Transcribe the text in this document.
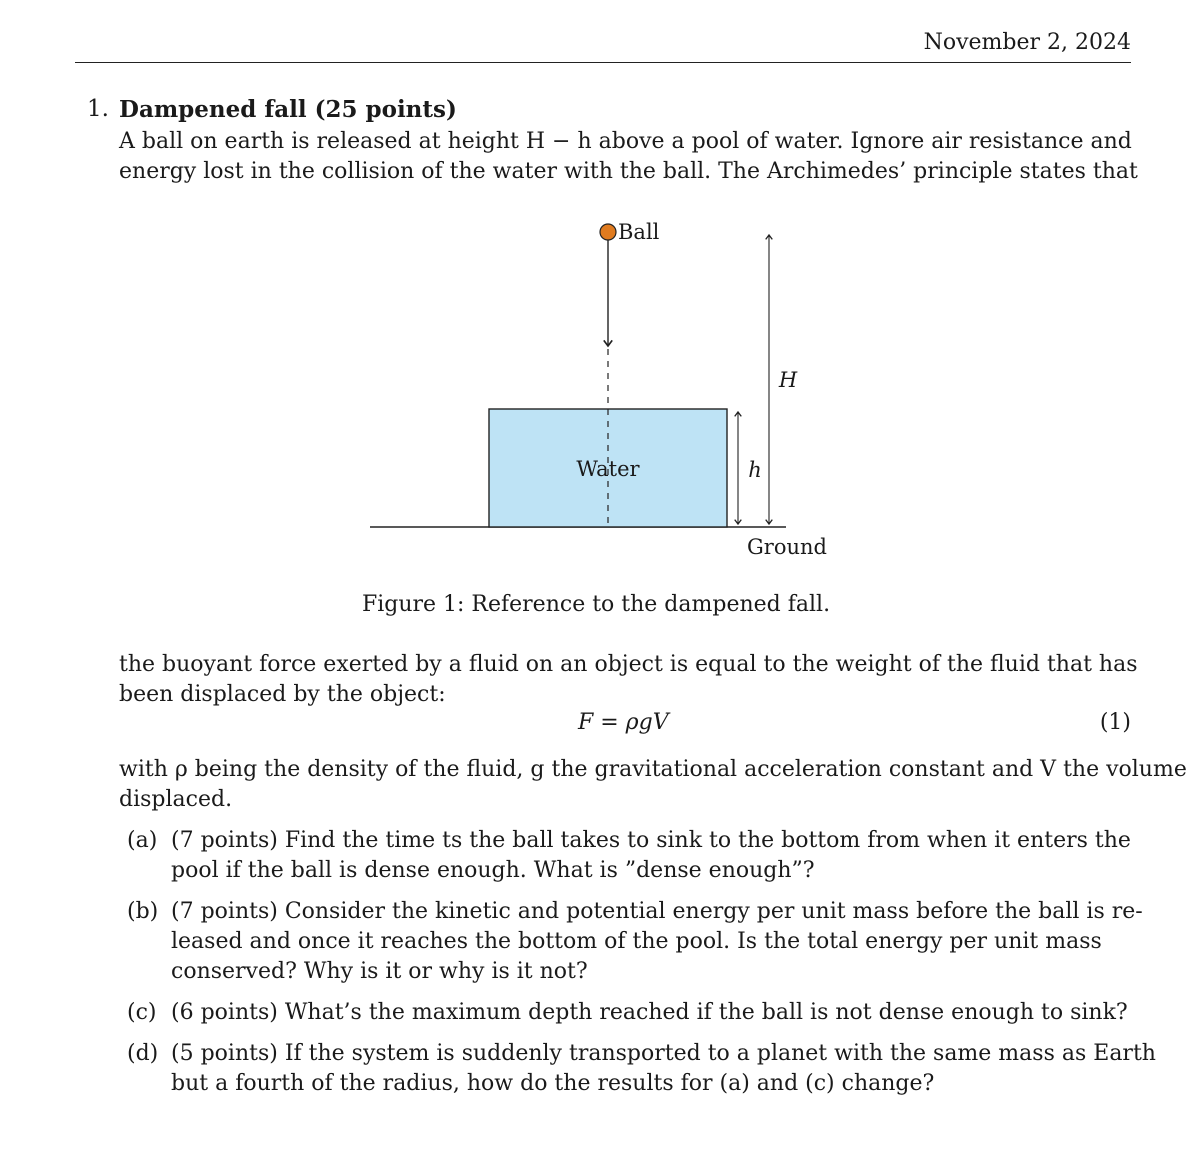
November 2, 2024
1. Dampened fall (25 points)
A ball on earth is released at height H − h above a pool of water. Ignore air resistance and
energy lost in the collision of the water with the ball. The Archimedes’ principle states that
Ball
Water
Ground
H
h
Figure 1: Reference to the dampened fall.
the buoyant force exerted by a fluid on an object is equal to the weight of the fluid that has
been displaced by the object:
F = ρgV	(1)
with ρ being the density of the fluid, g the gravitational acceleration constant and V the volume
displaced.
(a) (7 points) Find the time ts the ball takes to sink to the bottom from when it enters the
pool if the ball is dense enough. What is ”dense enough”?
(b) (7 points) Consider the kinetic and potential energy per unit mass before the ball is re-
leased and once it reaches the bottom of the pool. Is the total energy per unit mass
conserved? Why is it or why is it not?
(c) (6 points) What’s the maximum depth reached if the ball is not dense enough to sink?
(d) (5 points) If the system is suddenly transported to a planet with the same mass as Earth
but a fourth of the radius, how do the results for (a) and (c) change?
